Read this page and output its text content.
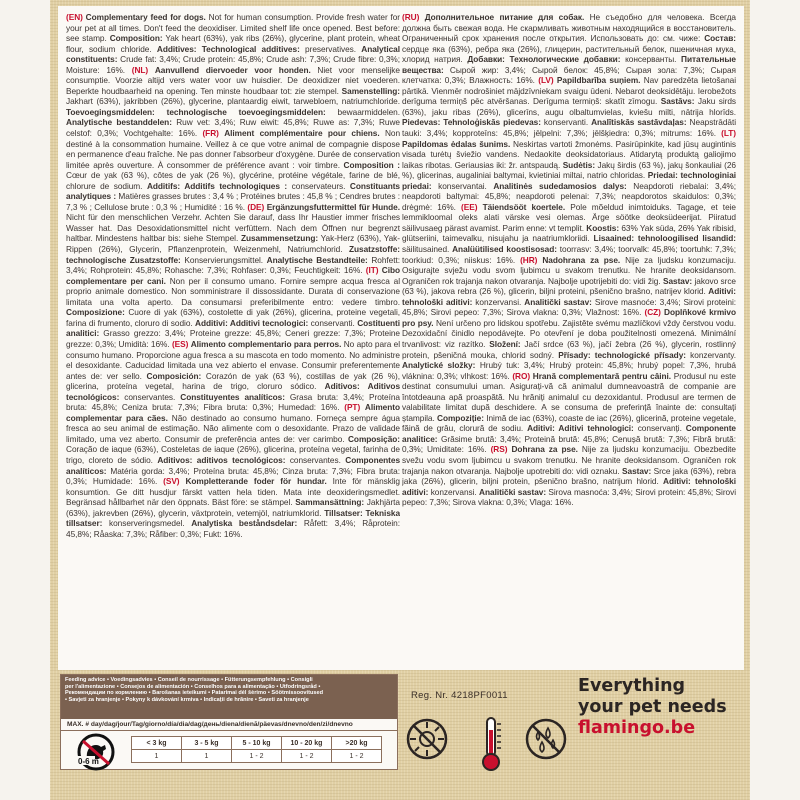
(EN) Complementary feed for dogs. Not for human consumption. Provide fresh water for your pet at all times. Don't feed the deoxidiser. Limited shelf life once opened. Best before: see stamp. Composition: Yak heart (63%), yak ribs (26%), glycerine, plant protein, wheat flour, sodium chloride. Additives: Technological additives: preservatives. Analytical constituents: Crude fat: 3,4%; Crude protein: 45,8%; Crude ash: 7,3%; Crude fibre: 0,3%; Moisture: 16%. (NL) Aanvullend diervoeder voor honden. Niet voor menselijke consumptie. Voorzie altijd vers water voor uw huisdier. De deoxidizer niet voederen. Beperkte houdbaarheid na opening. Ten minste houdbaar tot: zie stempel. Samenstelling: Jakhart (63%), jakribben (26%), glycerine, plantaardig eiwit, tarwebloem, natriumchloride. Toevoegingsmiddelen: technologische toevoegingsmiddelen: bewaarmiddelen. Analytische bestanddelen: Ruw vet: 3,4%; Ruw eiwit: 45,8%; Ruwe as: 7,3%; Ruwe celstof: 0,3%; Vochtgehalte: 16%. (FR) Aliment complémentaire pour chiens. Non destiné à la consommation humaine. Veillez à ce que votre animal de compagnie dispose en permanence d'eau fraîche. Ne pas donner l'absorbeur d'oxygène. Durée de conservation limitée après ouverture. À consommer de préférence avant : voir timbre. Composition : Cœur de yak (63 %), côtes de yak (26 %), glycérine, protéine végétale, farine de blé, chlorure de sodium. Additifs: Additifs technologiques : conservateurs. Constituants analytiques : Matières grasses brutes : 3,4 % ; Protéines brutes : 45,8 % ; Cendres brutes : 7,3 % ; Cellulose brute : 0,3 % ; Humidité : 16 %. (DE) Ergänzungsfuttermittel für Hunde. Nicht für den menschlichen Verzehr. Achten Sie darauf, dass Ihr Haustier immer frisches Wasser hat. Das Desoxidationsmittel nicht verfüttern. Nach dem Öffnen nur begrenzt haltbar. Mindestens haltbar bis: siehe Stempel. Zusammensetzung: Yak-Herz (63%), Yak-Rippen (26%), Glycerin, Pflanzenprotein, Weizenmehl, Natriumchlorid. Zusatzstoffe: technologische Zusatzstoffe: Konservierungsmittel. Analytische Bestandteile: Rohfett: 3,4%; Rohprotein: 45,8%; Rohasche: 7,3%; Rohfaser: 0,3%; Feuchtigkeit: 16%. (IT) Cibo complementare per cani. Non per il consumo umano. Fornire sempre acqua fresca al proprio animale domestico. Non somministrare il dissossidante. Durata di conservazione limitata una volta aperto. Da consumarsi preferibilmente entro: vedere timbro. Composizione: Cuore di yak (63%), costolette di yak (26%), glicerina, proteine vegetali, farina di frumento, cloruro di sodio. Additivi: Additivi tecnologici: conservanti. Costituenti analitici: Grasso grezzo: 3,4%; Proteine grezze: 45,8%; Ceneri grezze: 7,3%; Proteine grezze: 0,3%; Umidità: 16%. (ES) Alimento complementario para perros. No apto para el consumo humano. Proporcione agua fresca a su mascota en todo momento. No administre el desoxidante. Caducidad limitada una vez abierto el envase. Consumir preferentemente antes de: ver sello. Composición: Corazón de yak (63 %), costillas de yak (26 %), glicerina, proteína vegetal, harina de trigo, cloruro sódico. Aditivos: Aditivos tecnológicos: conservantes. Constituyentes analíticos: Grasa bruta: 3,4%; Proteína bruta: 45,8%; Ceniza bruta: 7,3%; Fibra bruta: 0,3%; Humedad: 16%. (PT) Alimento complementar para cães. Não destinado ao consumo humano. Forneça sempre água fresca ao seu animal de estimação. Não alimente com o desoxidante. Prazo de validade limitado, uma vez aberto. Consumir de preferência antes de: ver carimbo. Composição: Coração de iaque (63%), Costeletas de iaque (26%), glicerina, proteína vegetal, farinha de trigo, cloreto de sódio. Aditivos: aditivos tecnológicos: conservantes. Componentes analíticos: Matéria gorda: 3,4%; Proteína bruta: 45,8%; Cinza bruta: 7,3%; Fibra bruta: 0,3%; Humidade: 16%. (SV) Kompletterande foder för hundar. Inte för mänsklig konsumtion. Ge ditt husdjur färskt vatten hela tiden. Mata inte deoxideringsmedlet. Begränsad hållbarhet när den öppnats. Bäst före: se stämpel. Sammansättning: Jakhjärta (63%), jakrevben (26%), glycerin, växtprotein, vetemjöl, natriumklorid. Tillsatser: Tekniska tillsatser: konserveringsmedel. Analytiska beståndsdelar: Råfett: 3,4%; Råprotein: 45,8%; Råaska: 7,3%; Råfiber: 0,3%; Fukt: 16%.
(RU) Дополнительное питание для собак. Не съедобно для человека. Всегда должна быть свежая вода. Не скармливать животным находящийся в восстановитель. Ограниченный срок хранения после открытия. Использовать до: см. чиже: Состав: сердце яка (63%), ребра яка (26%), глицерин, растительный белок, пшеничная мука, хлорид натрия. Добавки: Технологические добавки: консерванты. Питательные вещества: Сырой жир: 3,4%; Сырой белок: 45,8%; Сырая зола: 7,3%; Сырая клетчатка: 0,3%; Влажность: 16%. (LV) Papildbarība suņiem. Nav paredzēta lietošanai pārtikā. Vienmēr nodrošiniet mājdzīvniekam svaigu ūdeni. Nebarot deoksidētāju. Ierobežots derīguma termiņš pēc atvēršanas. Derīguma termiņš: skatīt zīmogu. Sastāvs: Jaku sirds (63%), jaku ribas (26%), glicerīns, augu olbaltumvielas, kviešu milti, nātrija hlorīds. Piedevas: Tehnoloģiskās piedevas: konservanti. Analītiskās sastāvdaļas: Neapstrādāti tauki: 3,4%; kopproteīns: 45,8%; jēlpelni: 7,3%; jēlšķiedra: 0,3%; mitrums: 16%. (LT) Papildomas ėdalas šunims. Neskirtas vartoti žmonėms. Pasirūpinkite, kad jūsų augintinis visada turėtų šviežio vandens. Nedaokite deoksidatoriaus. Atidarytą produktą galiojimo laikas ribotas. Geriausias iki: žr. antspaudą. Sudėtis: Jakų širdis (63 %), jakų šonkauliai (26 %), glicerinas, augaliniai baltymai, kvietiniai miltai, natrio chloridas. Priedai: technologiniai priedai: konservantai. Analitinės sudedamosios dalys: Neapdoroti riebalai: 3,4%; neapdoroti baltymai: 45,8%; neapdoroti pelenai: 7,3%; neapdorotos skaidulos: 0,3%; drėgmė: 16%. (EE) Täiendsööt koertele. Pole mõeldud inimtoiduks. Tagage, et teie lemmikloomal oleks alati värske vesi olemas. Ärge söötke deoksüdeerijat. Piiratud säilivusaeg pärast avamist. Parim enne: vt templit. Koostis: 63% Yak süda, 26% Yak ribisid, glütseriini, taimevalku, nisujahu ja naatriumkloriidi. Lisaained: tehnoloogilised lisandid: säilitusained. Analüütilised koostisosad: toorrasv: 3,4%; toorvalk: 45,8%; toortuhk: 7,3%; toorkiud: 0,3%; niiskus: 16%. (HR) Nadohrana za pse. Nije za ljudsku konzumaciju. Osigurajte svježu vodu svom ljubimcu u svakom trenutku. Ne hranite deoksidansom. Ograničen rok trajanja nakon otvaranja. Najbolje upotrijebiti do: vidi žig. Sastav: jakovo srce (63 %), jakova rebra (26 %), glicerin, biljni proteini, pšenično brašno, natrijev klorid. Aditivi: tehnološki aditivi: konzervansi. Analitički sastav: Sirove masnoće: 3,4%; Sirovi proteini: 45,8%; Sirovi pepeo: 7,3%; Sirova vlakna: 0,3%; Vlažnost: 16%. (CZ) Doplňkové krmivo pro psy. Není určeno pro lidskou spotřebu. Zajistěte svému mazlíčkovi vždy čerstvou vodu. Dezoxidační činidlo nepodávejte. Po otevření je doba použitelnosti omezená. Minimální trvanlivost: viz razítko. Složení: Jačí srdce (63 %), jačí žebra (26 %), glycerin, rostlinný protein, pšeničná mouka, chlorid sodný. Přísady: technologické přísady: konzervanty. Analytické složky: Hrubý tuk: 3,4%; Hrubý protein: 45,8%; hrubý popel: 7,3%, hrubá vláknina: 0,3%; vlhkost: 16%. (RO) Hrană complementară pentru câini. Produsul nu este destinat consumului uman. Asigurați-vă că animalul dumneavoastră de companie are întotdeauna apă proaspătă. Nu hrăniți animalul cu dezoxidantul. Produsul are termen de valabilitate limitat după deschidere. A se consuma de preferință înainte de: consultați ștampila. Compoziție: Inimă de iac (63%), coaste de iac (26%), glicerină, proteine vegetale, făină de grâu, clorură de sodiu. Aditivi: Aditivi tehnologici: conservanți. Componente analitice: Grăsime brută: 3,4%; Proteină brută: 45,8%; Cenușă brută: 7,3%; Fibră brută: 0,3%; Umiditate: 16%. (RS) Dohrana za pse. Nije za ljudsku konzumaciju. Obezbedite svežu vodu svom ljubimcu u svakom trenutku. Ne hranite deoksidansom. Ograničen rok trajanja nakon otvaranja. Najbolje upotrebiti do: vidi oznaku. Sastav: Srce jaka (63%), rebra jaka (26%), glicerin, biljni protein, pšenično brašno, natrijum hlorid. Aditivi: tehnološki aditivi: konzervansi. Analitički sastav: Sirova masnoća: 3,4%; Sirovi protein: 45,8%; Sirovi pepeo: 7,3%; Sirova vlakna: 0,3%; Vlaga: 16%.
Feeding advice • Voedingsadvies • Conseil de nourrissage • Fütterungsempfehlung • Consigli
per l'alimentazione • Consejos de alimentación • Conselhos para a alimentação • Utfodringsråd •
Рекомендации по кормлению • Barošanas ieteikumi • Patarimai dėl šėrimo • Söötmissoovitused
• Savjeti za hranjenje • Pokyny k dávkování krmiva • Indicații de hrănire • Saveti za hranjenje
MAX. # day/dag/jour/Tag/giorno/día/dia/dag/день/diena/dienā/päevas/dnevno/den/zi/dnevno
0-6 m
< 3 kg	3 - 5 kg	5 - 10 kg	10 - 20 kg	>20 kg
1	1	1 - 2	1 - 2	1 - 2
Reg. Nr. 4218PF0011	Everything
your pet needs
flamingo.be
